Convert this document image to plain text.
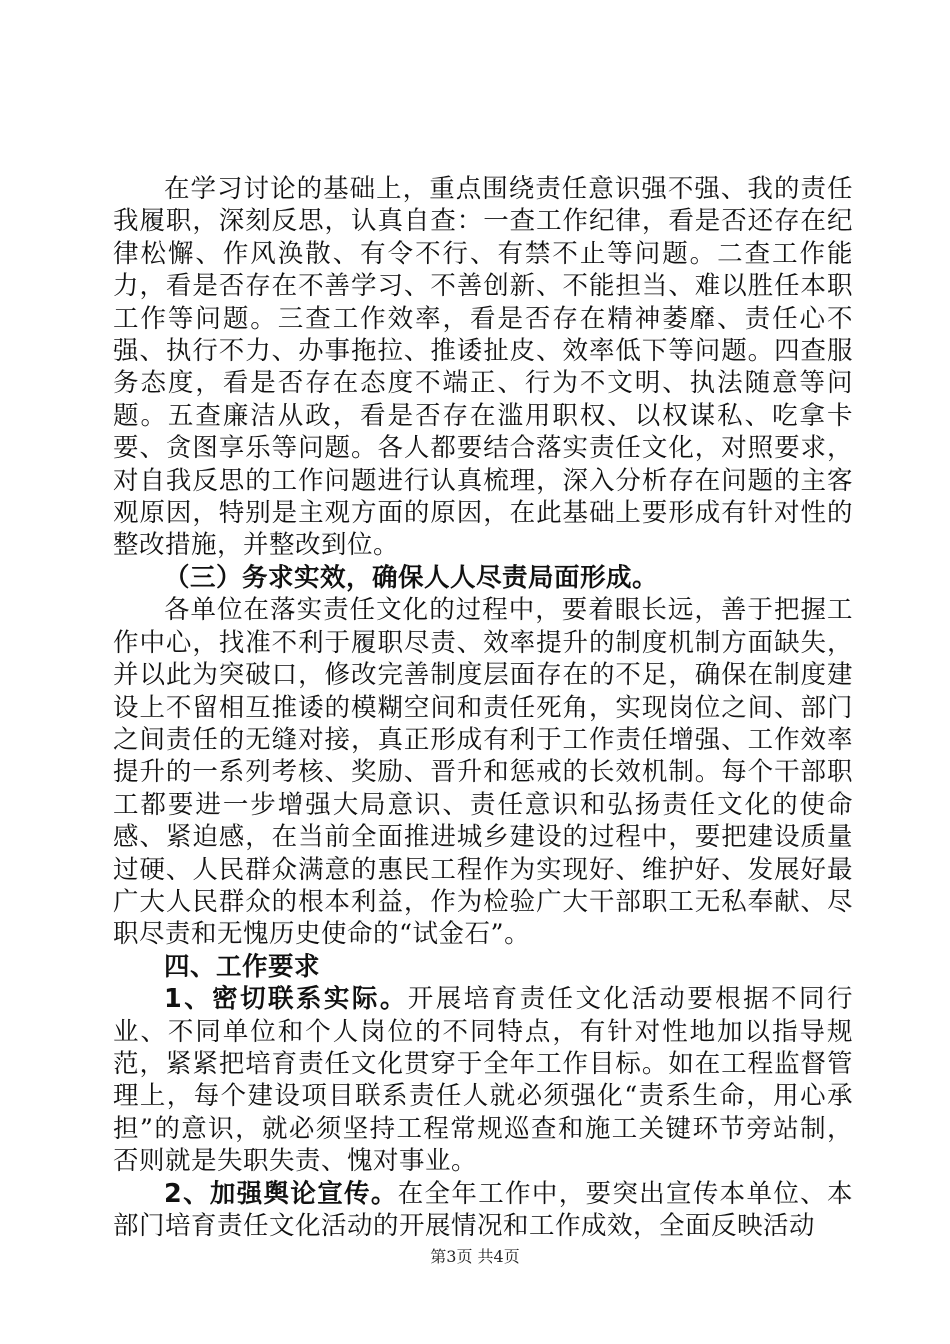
在学习讨论的基础上，重点围绕责任意识强不强、我的责任我履职，深刻反思，认真自查：一查工作纪律，看是否还存在纪律松懈、作风涣散、有令不行、有禁不止等问题。二查工作能力，看是否存在不善学习、不善创新、不能担当、难以胜任本职工作等问题。三查工作效率，看是否存在精神萎靡、责任心不强、执行不力、办事拖拉、推诿扯皮、效率低下等问题。四查服务态度，看是否存在态度不端正、行为不文明、执法随意等问题。五查廉洁从政，看是否存在滥用职权、以权谋私、吃拿卡要、贪图享乐等问题。各人都要结合落实责任文化，对照要求，对自我反思的工作问题进行认真梳理，深入分析存在问题的主客观原因，特别是主观方面的原因，在此基础上要形成有针对性的整改措施，并整改到位。

（三）务求实效，确保人人尽责局面形成。

各单位在落实责任文化的过程中，要着眼长远，善于把握工作中心，找准不利于履职尽责、效率提升的制度机制方面缺失，并以此为突破口，修改完善制度层面存在的不足，确保在制度建设上不留相互推诿的模糊空间和责任死角，实现岗位之间、部门之间责任的无缝对接，真正形成有利于工作责任增强、工作效率提升的一系列考核、奖励、晋升和惩戒的长效机制。每个干部职工都要进一步增强大局意识、责任意识和弘扬责任文化的使命感、紧迫感，在当前全面推进城乡建设的过程中，要把建设质量过硬、人民群众满意的惠民工程作为实现好、维护好、发展好最广大人民群众的根本利益，作为检验广大干部职工无私奉献、尽职尽责和无愧历史使命的“试金石”。

四、工作要求

1、密切联系实际。开展培育责任文化活动要根据不同行业、不同单位和个人岗位的不同特点，有针对性地加以指导规范，紧紧把培育责任文化贯穿于全年工作目标。如在工程监督管理上，每个建设项目联系责任人就必须强化“责系生命，用心承担”的意识，就必须坚持工程常规巡查和施工关键环节旁站制，否则就是失职失责、愧对事业。

2、加强舆论宣传。在全年工作中，要突出宣传本单位、本部门培育责任文化活动的开展情况和工作成效，全面反映活动

第3页 共4页
